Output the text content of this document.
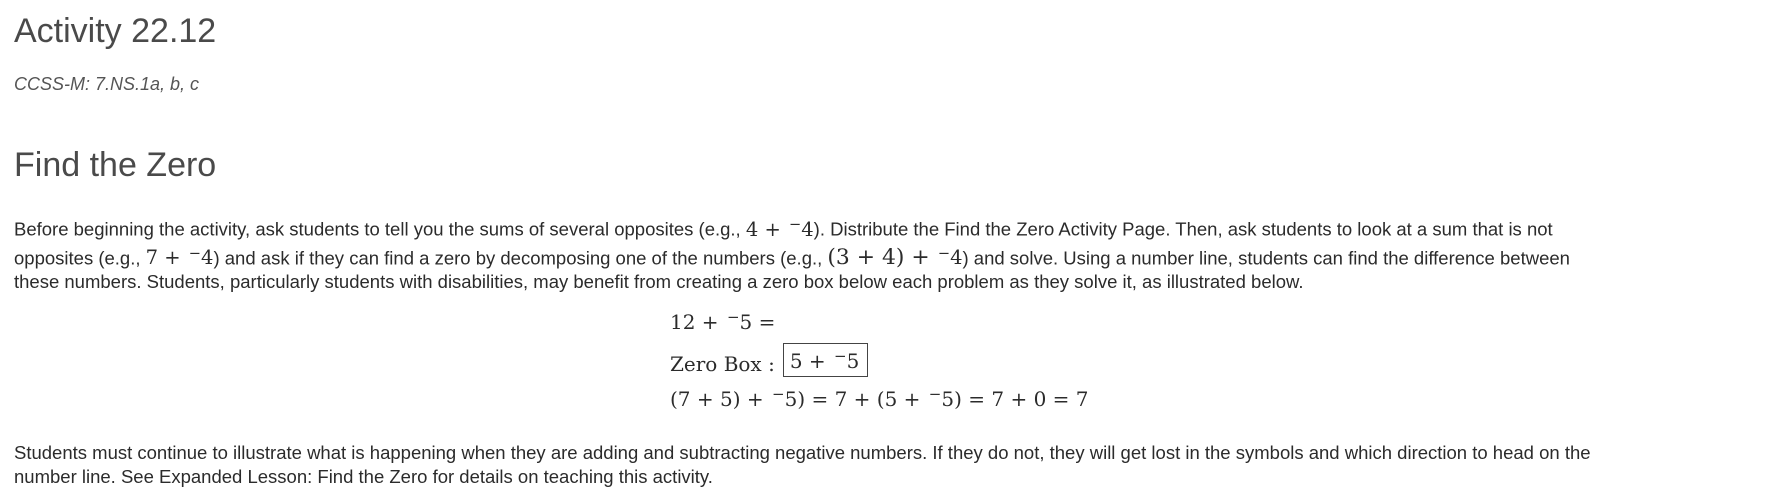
Activity 22.12

CCSS-M: 7.NS.1a, b, c

Find the Zero

Before beginning the activity, ask students to tell you the sums of several opposites (e.g., 4 + −4). Distribute the Find the Zero Activity Page. Then, ask students to look at a sum that is not
opposites (e.g., 7 + −4) and ask if they can find a zero by decomposing one of the numbers (e.g., (3 + 4) + −4) and solve. Using a number line, students can find the difference between
these numbers. Students, particularly students with disabilities, may benefit from creating a zero box below each problem as they solve it, as illustrated below.

12 + −5 =
Zero Box : 5 + −5
(7 + 5) + −5) = 7 + (5 + −5) = 7 + 0 = 7

Students must continue to illustrate what is happening when they are adding and subtracting negative numbers. If they do not, they will get lost in the symbols and which direction to head on the
number line. See Expanded Lesson: Find the Zero for details on teaching this activity.
